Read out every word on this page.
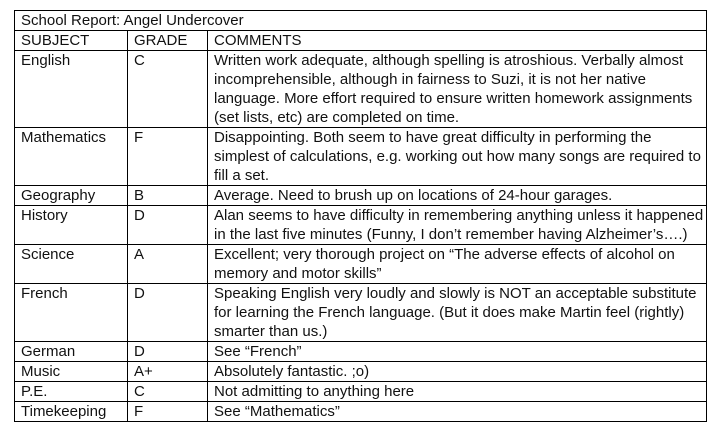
School Report: Angel Undercover		
SUBJECT	GRADE	COMMENTS
English	C	Written work adequate, although spelling is atroshious. Verbally almost incomprehensible, although in fairness to Suzi, it is not her native language. More effort required to ensure written homework assignments (set lists, etc) are completed on time.
Mathematics	F	Disappointing. Both seem to have great difficulty in performing the simplest of calculations, e.g. working out how many songs are required to fill a set.
Geography	B	Average. Need to brush up on locations of 24-hour garages.
History	D	Alan seems to have difficulty in remembering anything unless it happened in the last five minutes (Funny, I don’t remember having Alzheimer’s….)
Science	A	Excellent; very thorough project on “The adverse effects of alcohol on memory and motor skills”
French	D	Speaking English very loudly and slowly is NOT an acceptable substitute for learning the French language. (But it does make Martin feel (rightly) smarter than us.)
German	D	See “French”
Music	A+	Absolutely fantastic. ;o)
P.E.	C	Not admitting to anything here
Timekeeping	F	See “Mathematics”
